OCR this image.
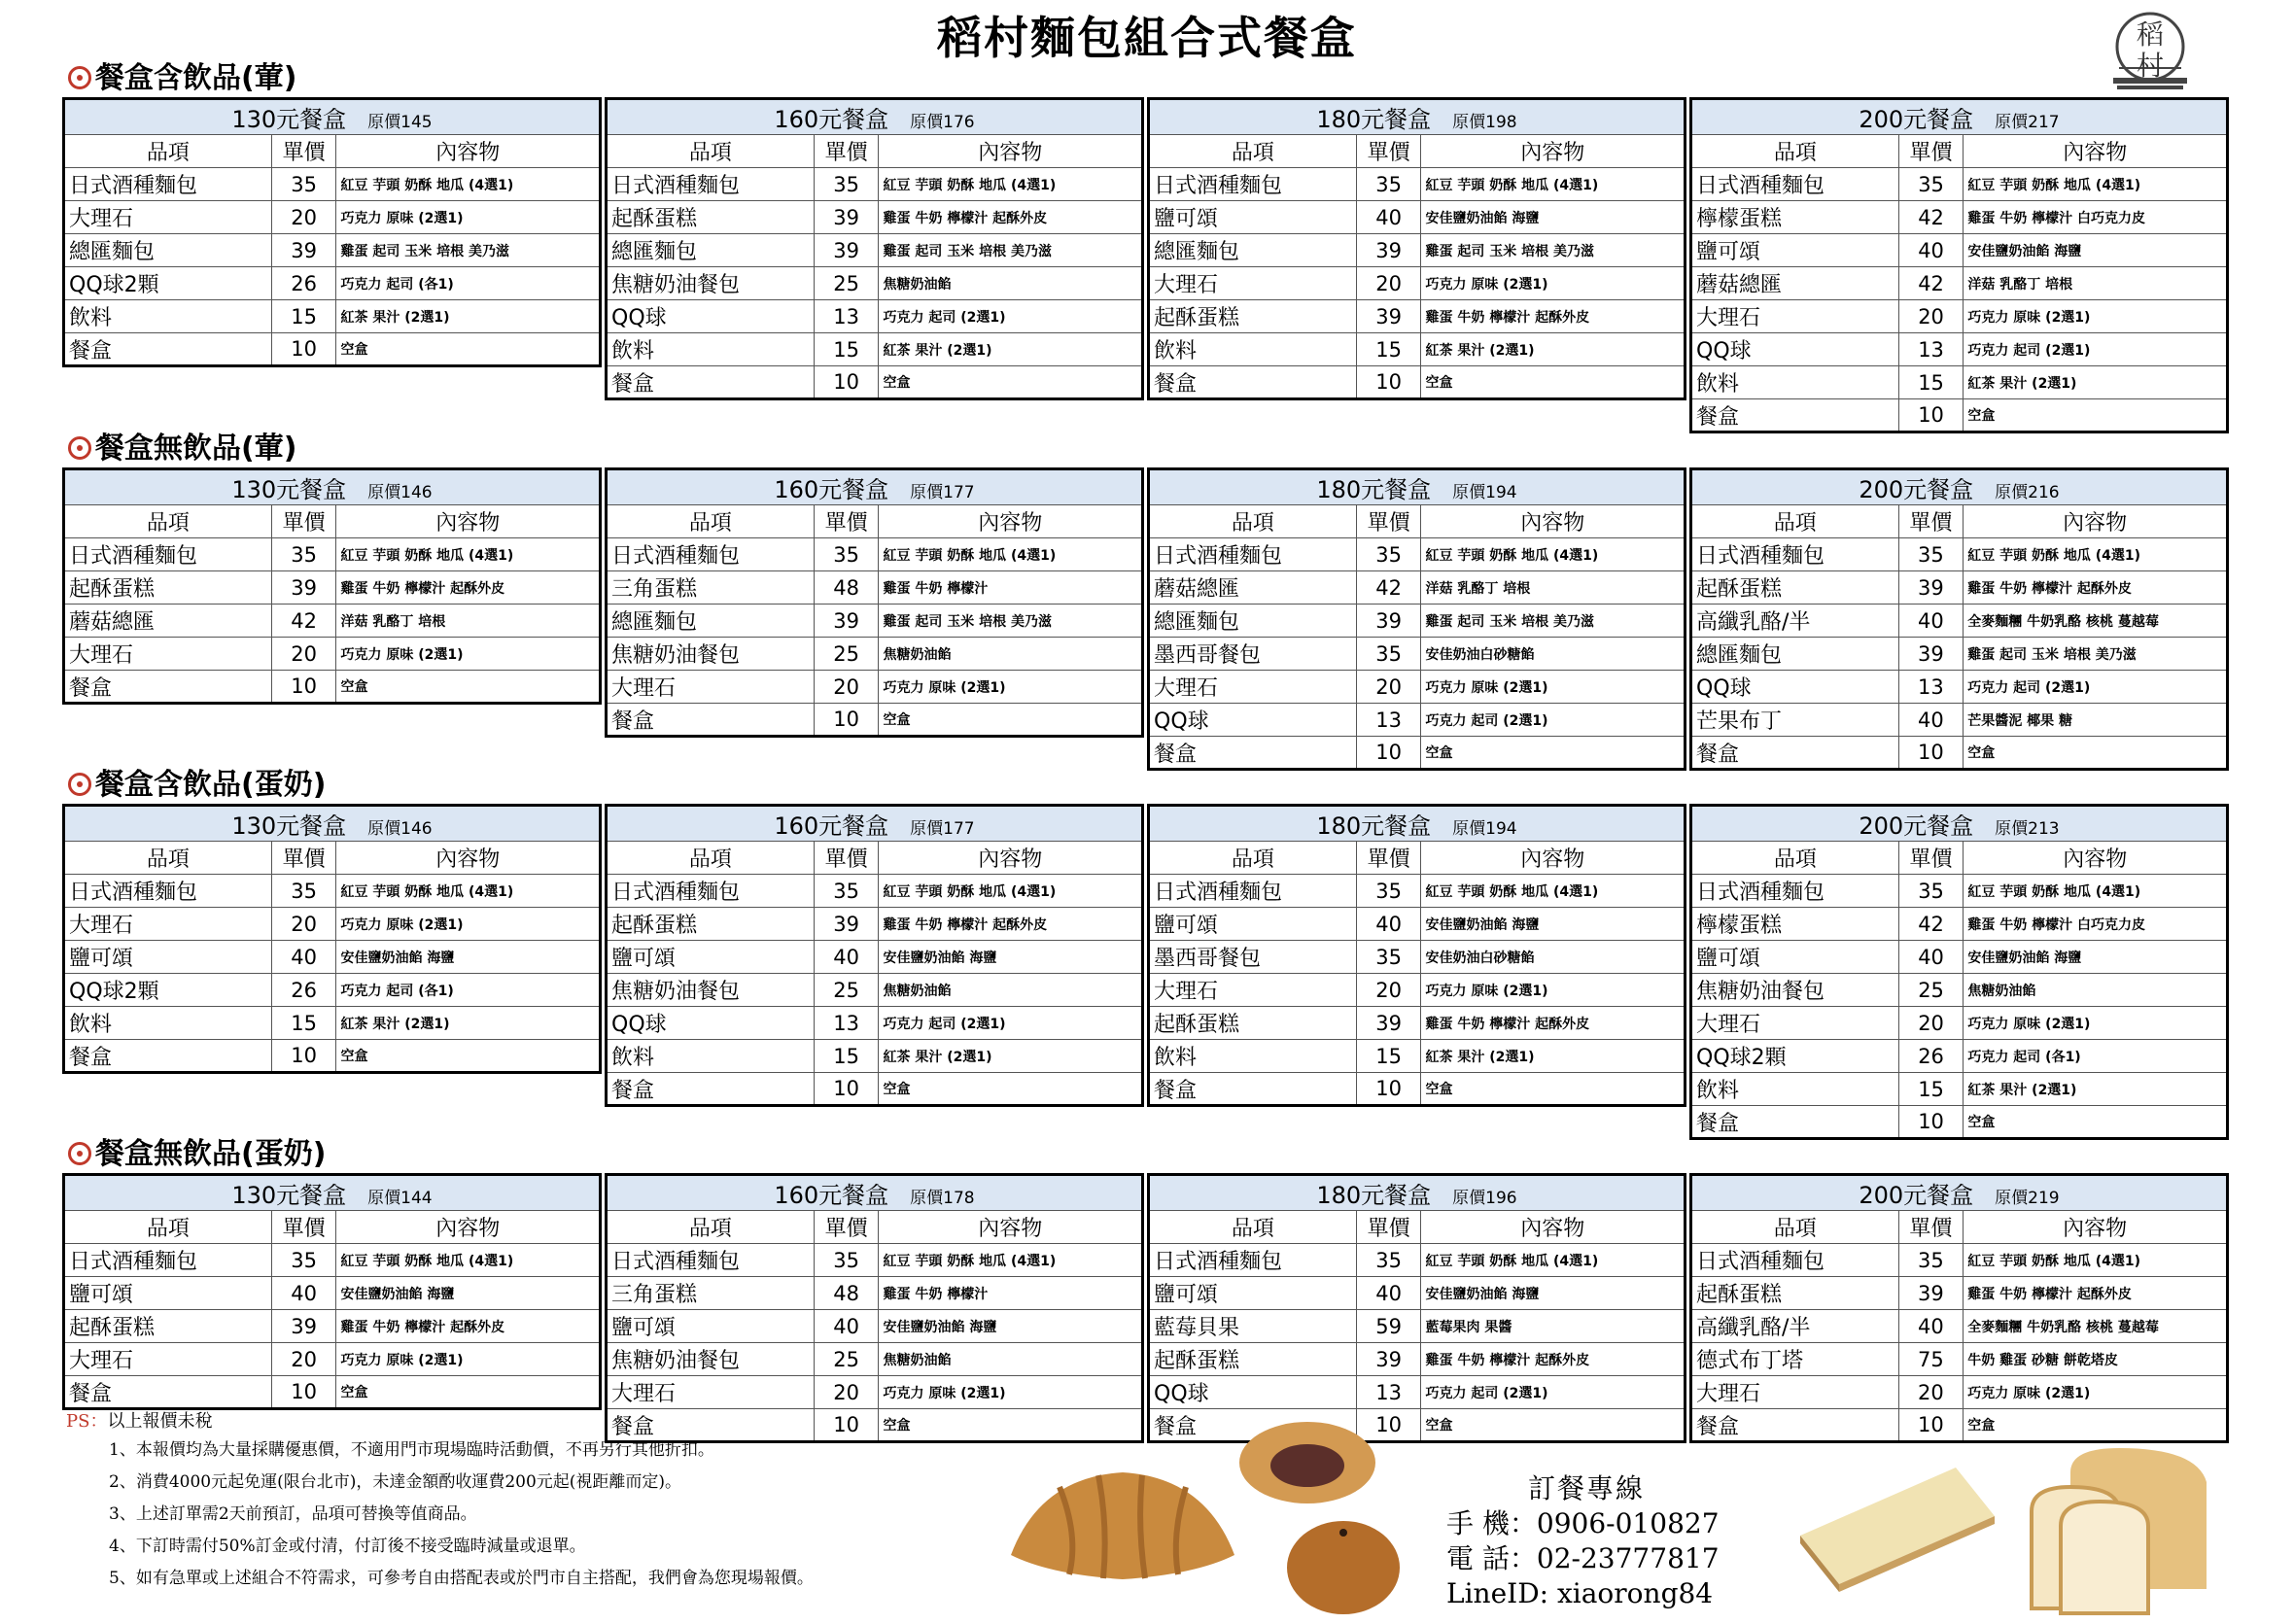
稻村麵包組合式餐盒	稻村
餐盒含飲品(葷)
130元餐盒 原價145		
品項	單價	內容物
日式酒種麵包	35	紅豆 芋頭 奶酥 地瓜 (4選1)
大理石	20	巧克力 原味 (2選1)
總匯麵包	39	雞蛋 起司 玉米 培根 美乃滋
QQ球2顆	26	巧克力 起司 (各1)
飲料	15	紅茶 果汁 (2選1)
餐盒	10	空盒
160元餐盒 原價176		
品項	單價	內容物
日式酒種麵包	35	紅豆 芋頭 奶酥 地瓜 (4選1)
起酥蛋糕	39	雞蛋 牛奶 檸檬汁 起酥外皮
總匯麵包	39	雞蛋 起司 玉米 培根 美乃滋
焦糖奶油餐包	25	焦糖奶油餡
QQ球	13	巧克力 起司 (2選1)
飲料	15	紅茶 果汁 (2選1)
餐盒	10	空盒
180元餐盒 原價198		
品項	單價	內容物
日式酒種麵包	35	紅豆 芋頭 奶酥 地瓜 (4選1)
鹽可頌	40	安佳鹽奶油餡 海鹽
總匯麵包	39	雞蛋 起司 玉米 培根 美乃滋
大理石	20	巧克力 原味 (2選1)
起酥蛋糕	39	雞蛋 牛奶 檸檬汁 起酥外皮
飲料	15	紅茶 果汁 (2選1)
餐盒	10	空盒
200元餐盒 原價217		
品項	單價	內容物
日式酒種麵包	35	紅豆 芋頭 奶酥 地瓜 (4選1)
檸檬蛋糕	42	雞蛋 牛奶 檸檬汁 白巧克力皮
鹽可頌	40	安佳鹽奶油餡 海鹽
蘑菇總匯	42	洋菇 乳酪丁 培根
大理石	20	巧克力 原味 (2選1)
QQ球	13	巧克力 起司 (2選1)
飲料	15	紅茶 果汁 (2選1)
餐盒	10	空盒
餐盒無飲品(葷)
130元餐盒 原價146		
品項	單價	內容物
日式酒種麵包	35	紅豆 芋頭 奶酥 地瓜 (4選1)
起酥蛋糕	39	雞蛋 牛奶 檸檬汁 起酥外皮
蘑菇總匯	42	洋菇 乳酪丁 培根
大理石	20	巧克力 原味 (2選1)
餐盒	10	空盒
160元餐盒 原價177		
品項	單價	內容物
日式酒種麵包	35	紅豆 芋頭 奶酥 地瓜 (4選1)
三角蛋糕	48	雞蛋 牛奶 檸檬汁
總匯麵包	39	雞蛋 起司 玉米 培根 美乃滋
焦糖奶油餐包	25	焦糖奶油餡
大理石	20	巧克力 原味 (2選1)
餐盒	10	空盒
180元餐盒 原價194		
品項	單價	內容物
日式酒種麵包	35	紅豆 芋頭 奶酥 地瓜 (4選1)
蘑菇總匯	42	洋菇 乳酪丁 培根
總匯麵包	39	雞蛋 起司 玉米 培根 美乃滋
墨西哥餐包	35	安佳奶油白砂糖餡
大理石	20	巧克力 原味 (2選1)
QQ球	13	巧克力 起司 (2選1)
餐盒	10	空盒
200元餐盒 原價216		
品項	單價	內容物
日式酒種麵包	35	紅豆 芋頭 奶酥 地瓜 (4選1)
起酥蛋糕	39	雞蛋 牛奶 檸檬汁 起酥外皮
高纖乳酪/半	40	全麥麵糰 牛奶乳酪 核桃 蔓越莓
總匯麵包	39	雞蛋 起司 玉米 培根 美乃滋
QQ球	13	巧克力 起司 (2選1)
芒果布丁	40	芒果醬泥 椰果 糖
餐盒	10	空盒
餐盒含飲品(蛋奶)
130元餐盒 原價146		
品項	單價	內容物
日式酒種麵包	35	紅豆 芋頭 奶酥 地瓜 (4選1)
大理石	20	巧克力 原味 (2選1)
鹽可頌	40	安佳鹽奶油餡 海鹽
QQ球2顆	26	巧克力 起司 (各1)
飲料	15	紅茶 果汁 (2選1)
餐盒	10	空盒
160元餐盒 原價177		
品項	單價	內容物
日式酒種麵包	35	紅豆 芋頭 奶酥 地瓜 (4選1)
起酥蛋糕	39	雞蛋 牛奶 檸檬汁 起酥外皮
鹽可頌	40	安佳鹽奶油餡 海鹽
焦糖奶油餐包	25	焦糖奶油餡
QQ球	13	巧克力 起司 (2選1)
飲料	15	紅茶 果汁 (2選1)
餐盒	10	空盒
180元餐盒 原價194		
品項	單價	內容物
日式酒種麵包	35	紅豆 芋頭 奶酥 地瓜 (4選1)
鹽可頌	40	安佳鹽奶油餡 海鹽
墨西哥餐包	35	安佳奶油白砂糖餡
大理石	20	巧克力 原味 (2選1)
起酥蛋糕	39	雞蛋 牛奶 檸檬汁 起酥外皮
飲料	15	紅茶 果汁 (2選1)
餐盒	10	空盒
200元餐盒 原價213		
品項	單價	內容物
日式酒種麵包	35	紅豆 芋頭 奶酥 地瓜 (4選1)
檸檬蛋糕	42	雞蛋 牛奶 檸檬汁 白巧克力皮
鹽可頌	40	安佳鹽奶油餡 海鹽
焦糖奶油餐包	25	焦糖奶油餡
大理石	20	巧克力 原味 (2選1)
QQ球2顆	26	巧克力 起司 (各1)
飲料	15	紅茶 果汁 (2選1)
餐盒	10	空盒
餐盒無飲品(蛋奶)
130元餐盒 原價144		
品項	單價	內容物
日式酒種麵包	35	紅豆 芋頭 奶酥 地瓜 (4選1)
鹽可頌	40	安佳鹽奶油餡 海鹽
起酥蛋糕	39	雞蛋 牛奶 檸檬汁 起酥外皮
大理石	20	巧克力 原味 (2選1)
餐盒	10	空盒
160元餐盒 原價178		
品項	單價	內容物
日式酒種麵包	35	紅豆 芋頭 奶酥 地瓜 (4選1)
三角蛋糕	48	雞蛋 牛奶 檸檬汁
鹽可頌	40	安佳鹽奶油餡 海鹽
焦糖奶油餐包	25	焦糖奶油餡
大理石	20	巧克力 原味 (2選1)
餐盒	10	空盒
180元餐盒 原價196		
品項	單價	內容物
日式酒種麵包	35	紅豆 芋頭 奶酥 地瓜 (4選1)
鹽可頌	40	安佳鹽奶油餡 海鹽
藍莓貝果	59	藍莓果肉 果醬
起酥蛋糕	39	雞蛋 牛奶 檸檬汁 起酥外皮
QQ球	13	巧克力 起司 (2選1)
餐盒	10	空盒
200元餐盒 原價219		
品項	單價	內容物
日式酒種麵包	35	紅豆 芋頭 奶酥 地瓜 (4選1)
起酥蛋糕	39	雞蛋 牛奶 檸檬汁 起酥外皮
高纖乳酪/半	40	全麥麵糰 牛奶乳酪 核桃 蔓越莓
德式布丁塔	75	牛奶 雞蛋 砂糖 餅乾塔皮
大理石	20	巧克力 原味 (2選1)
餐盒	10	空盒
PS：以上報價未稅
1、本報價均為大量採購優惠價，不適用門市現場臨時活動價，不再另行其他折扣。
2、消費4000元起免運(限台北市)，未達金額酌收運費200元起(視距離而定)。
3、上述訂單需2天前預訂，品項可替換等值商品。
4、下訂時需付50%訂金或付清，付訂後不接受臨時減量或退單。
5、如有急單或上述組合不符需求，可參考自由搭配表或於門市自主搭配，我們會為您現場報價。
訂餐專線
手 機：0906-010827
電 話：02-23777817
LineID: xiaorong84
